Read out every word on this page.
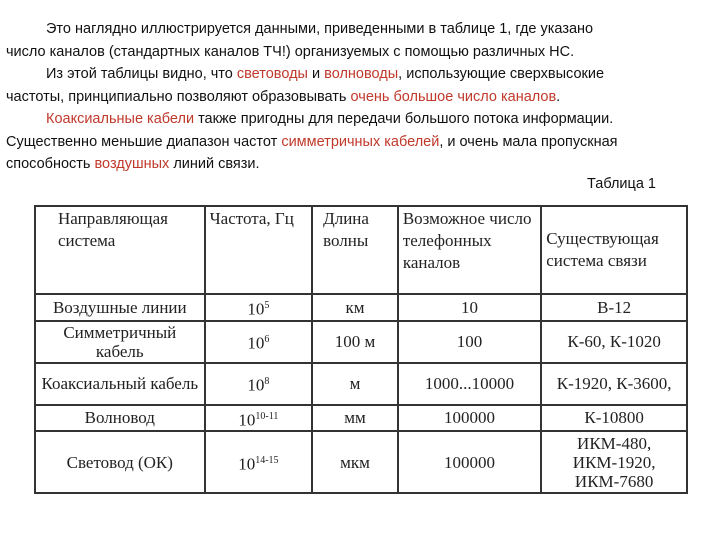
Это наглядно иллюстрируется данными, приведенными в таблице 1, где указано
число каналов (стандартных каналов ТЧ!) организуемых с помощью различных НС.
Из этой таблицы видно, что световоды и волноводы, использующие сверхвысокие
частоты, принципиально позволяют образовывать очень большое число каналов.
Коаксиальные кабели также пригодны для передачи большого потока информации.
Существенно меньшие диапазон частот симметричных кабелей, и очень мала пропускная
способность воздушных линий связи.
Таблица 1
Направляющая система	Частота, Гц	Длина волны	Возможное число телефонных каналов	Существующая система связи
Воздушные линии	$10^5$	км	10	В-12
Симметричный кабель	$10^6$	100 м	100	К-60, К-1020
Коаксиальный кабель	$10^8$	м	1000...10000	К-1920, К-3600,
Волновод	10$^{10-11}$	мм	100000	К-10800
Световод (ОК)	10$^{14-15}$	мкм	100000	ИКМ-480, ИКМ-1920, ИКМ-7680
